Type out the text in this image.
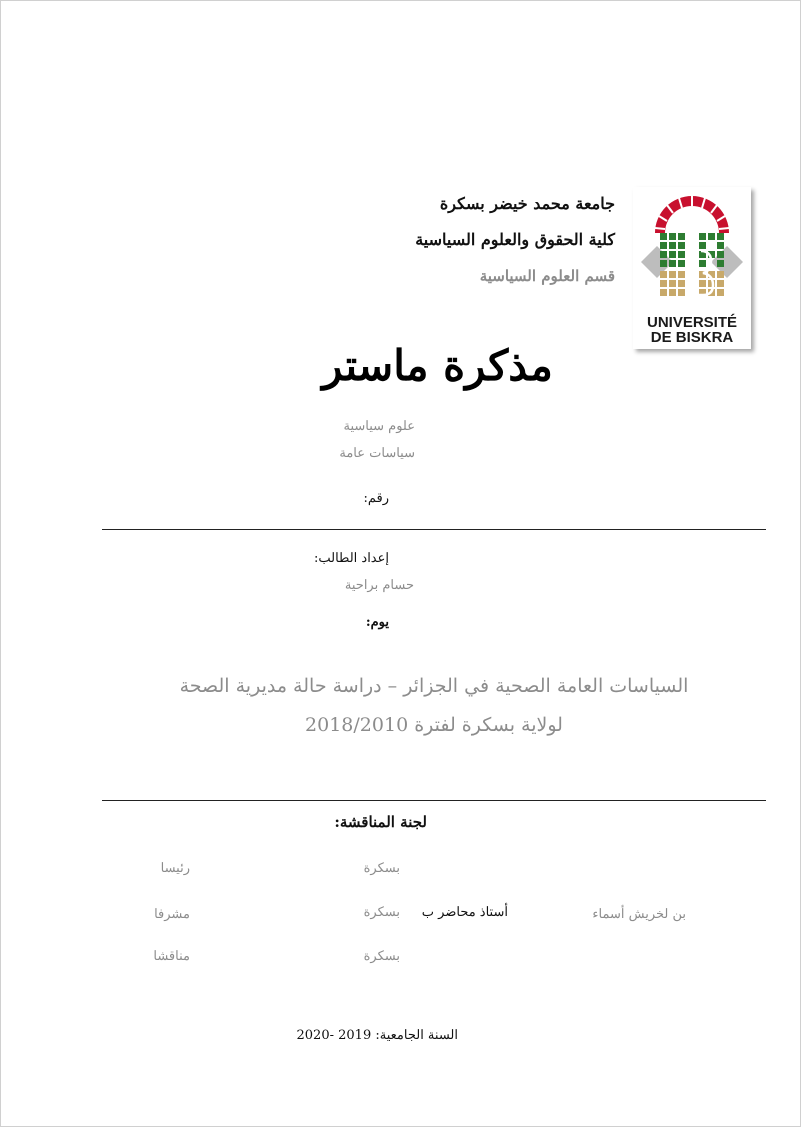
جامعة محمد خيضر بسكرة
كلية الحقوق والعلوم السياسية
قسم العلوم السياسية
UNIVERSITÉ
DE BISKRA
مذكرة ماستر
علوم سياسية
سياسات عامة
رقم:
إعداد الطالب:
حسام براحية
يوم:
السياسات العامة الصحية في الجزائر – دراسة حالة مديرية الصحة
لولاية بسكرة لفترة 2018/2010
لجنة المناقشة:
بسكرة
رئيسا
بن لخريش أسماء
أستاذ محاضر ب
بسكرة
مشرفا
بسكرة
مناقشا
السنة الجامعية: 2019 -2020
